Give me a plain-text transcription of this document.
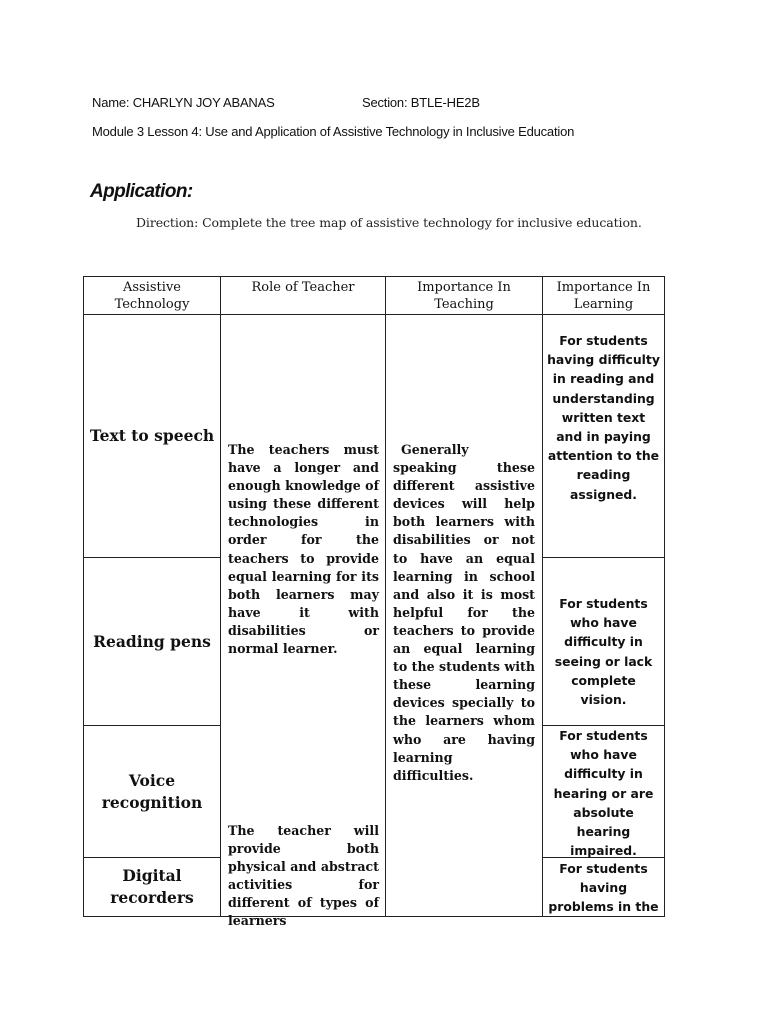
Name: CHARLYN JOY ABANAS	Section: BTLE-HE2B
Module 3 Lesson 4: Use and Application of Assistive Technology in Inclusive Education
Application:
Direction: Complete the tree map of assistive technology for inclusive education.
Assistive Technology
Role of Teacher	Importance In Teaching
Importance In Learning
Text to speech
Reading pens
Voice recognition
Digital recorders
The teachers must have a longer and enough knowledge of using these different technologies in order for the teachers to provide equal learning for its both learners may have it with disabilities or normal learner.
The teacher will provide both physical and abstract activities for different of types of learners
Generally speaking these different assistive devices will help both learners with disabilities or not to have an equal learning in school and also it is most helpful for the teachers to provide an equal learning to the students with these learning devices specially to the learners whom who are having learning difficulties.
For students having difficulty in reading and understanding written text and in paying attention to the reading assigned.
For students who have difficulty in seeing or lack complete vision.
For students who have difficulty in hearing or are absolute hearing impaired.
For students having problems in the
